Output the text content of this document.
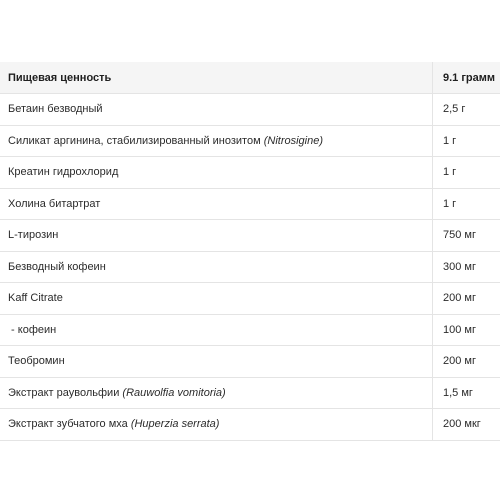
Пищевая ценность	9.1 грамм
Бетаин безводный	2,5 г
Силикат аргинина, стабилизированный инозитом (Nitrosigine)	1 г
Креатин гидрохлорид	1 г
Холина битартрат	1 г
L-тирозин	750 мг
Безводный кофеин	300 мг
Kaff Citrate	200 мг
- кофеин	100 мг
Теобромин	200 мг
Экстракт раувольфии (Rauwolfia vomitoria)	1,5 мг
Экстракт зубчатого мха (Huperzia serrata)	200 мкг
